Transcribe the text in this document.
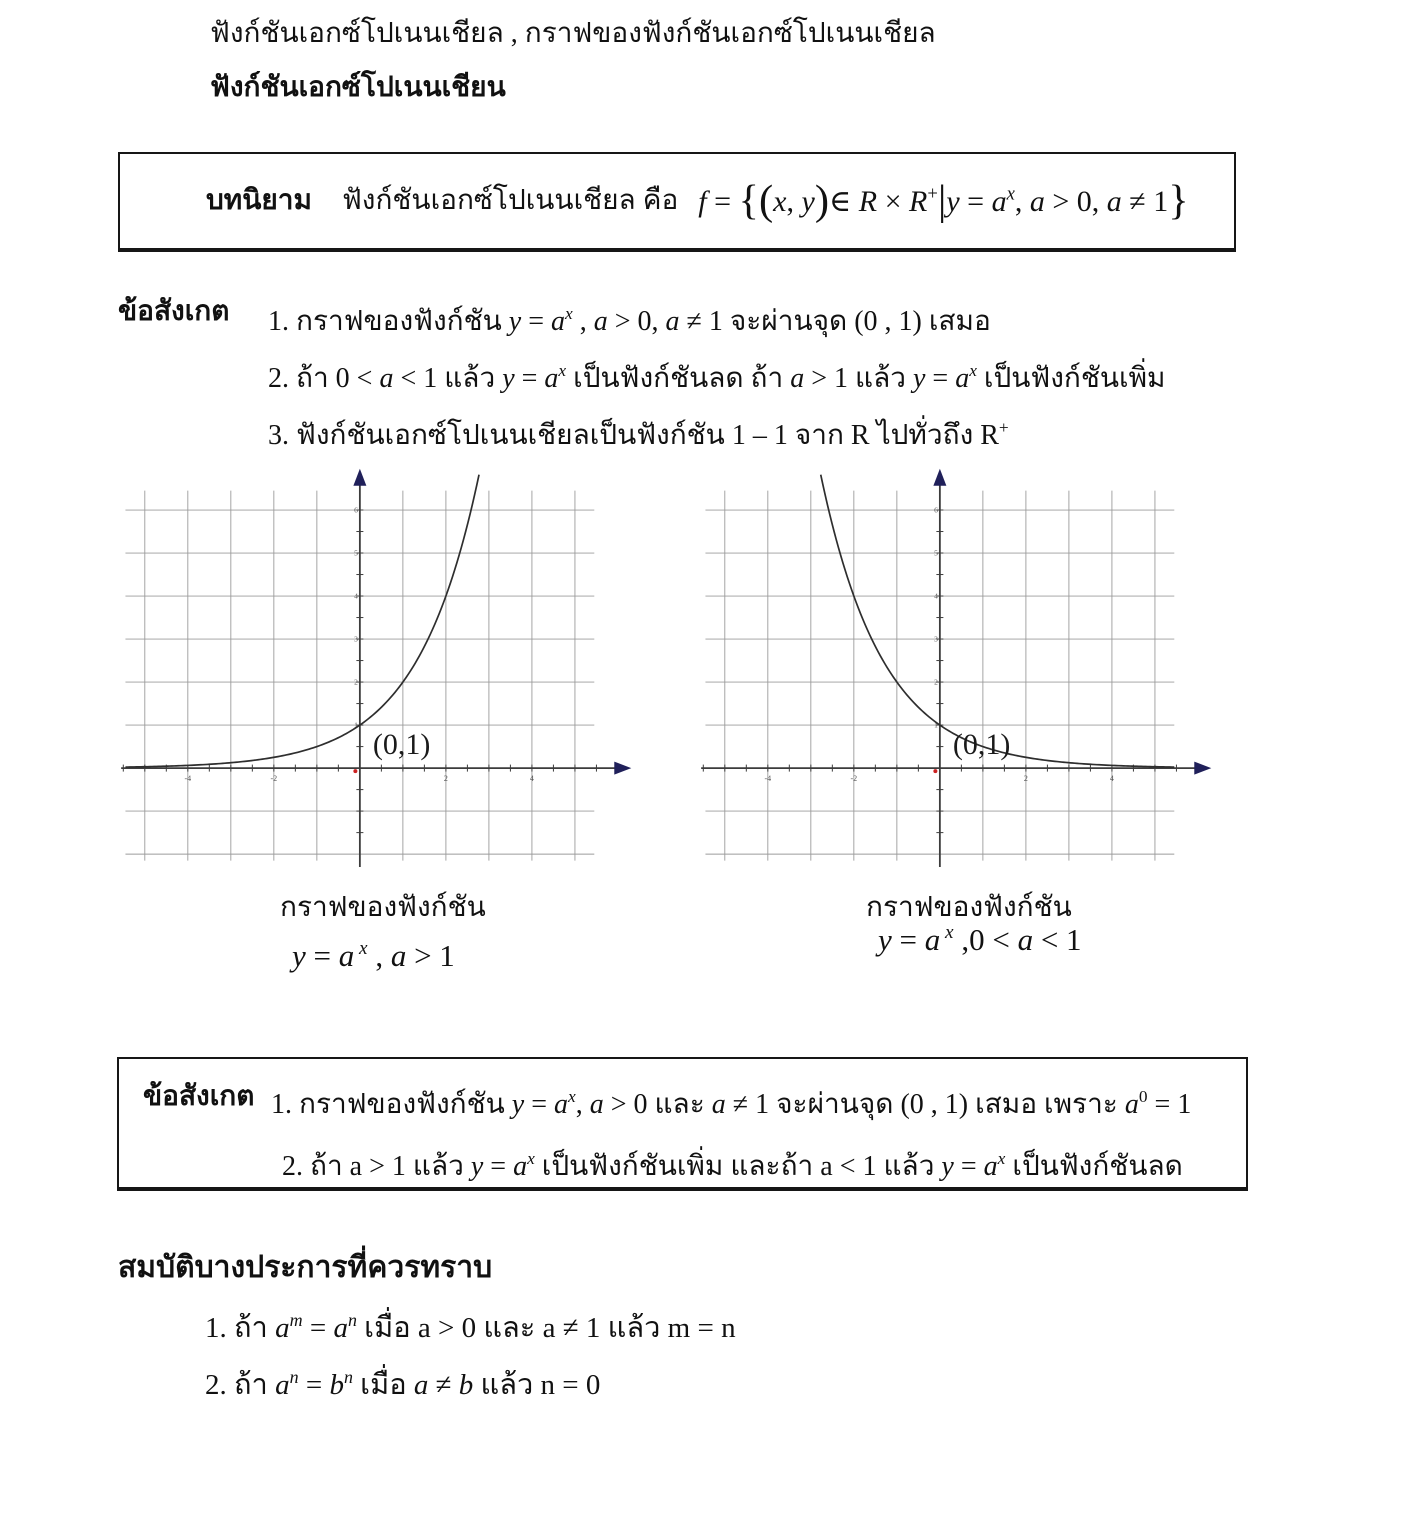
ฟังก์ชันเอกซ์โปเนนเชียล , กราฟของฟังก์ชันเอกซ์โปเนนเชียล
ฟังก์ชันเอกซ์โปเนนเชียน
บทนิยาม ฟังก์ชันเอกซ์โปเนนเชียล คือ f = {(x, y)∈ $R \times R^+|y = a^x$, a > 0, a ≠ 1}
ข้อสังเกต 1. กราฟของฟังก์ชัน $y = a^x$ , a > 0, a ≠ 1 จะผ่านจุด (0 , 1) เสมอ
2. ถ้า 0 < a < 1 แล้ว $y = a^x$ เป็นฟังก์ชันลด ถ้า a > 1 แล้ว $y = a^x$ เป็นฟังก์ชันเพิ่ม
3. ฟังก์ชันเอกซ์โปเนนเชียลเป็นฟังก์ชัน 1 – 1 จาก R ไปทั่วถึง R+
-4	-2	2	4
1
2
3
4
5
6
(0,1)
-4	-2	2	4
1
2
3
4
5
6
(0,1)
กราฟของฟังก์ชัน
y = a $^x$ , a > 1
กราฟของฟังก์ชัน
y = a $^x$ ,0 < a < 1
ข้อสังเกต 1. กราฟของฟังก์ชัน $y = a^x$, a > 0 และ a ≠ 1 จะผ่านจุด (0 , 1) เสมอ เพราะ $a^0 = 1$
2. ถ้า a > 1 แล้ว $y = a^x$ เป็นฟังก์ชันเพิ่ม และถ้า a < 1 แล้ว $y = a^x$ เป็นฟังก์ชันลด
สมบัติบางประการที่ควรทราบ
1. ถ้า $a^m = a^n$ เมื่อ a > 0 และ a ≠ 1 แล้ว m = n
2. ถ้า $a^n = b^n$ เมื่อ a ≠ b แล้ว n = 0
